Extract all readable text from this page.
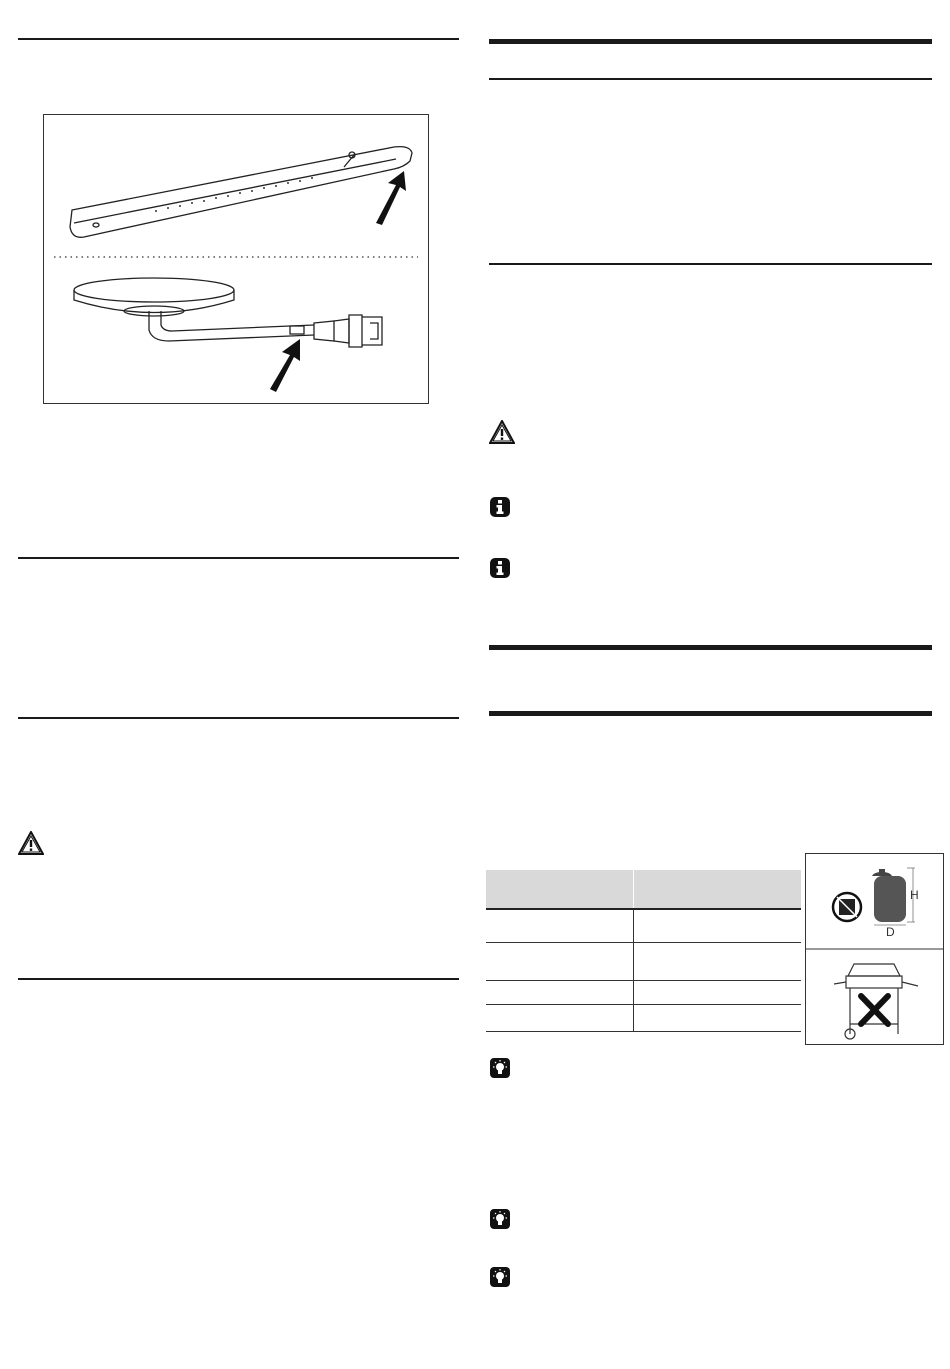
H
D
